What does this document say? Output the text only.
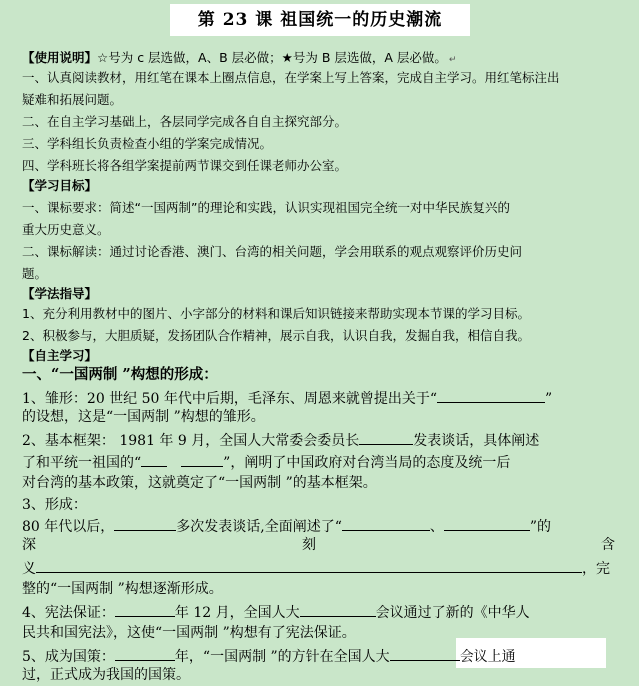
第 23 课 祖国统一的历史潮流
【使用说明】☆号为 c 层选做，A、B 层必做；★号为 B 层选做，A 层必做。 ↵
一、认真阅读教材，用红笔在课本上圈点信息，在学案上写上答案，完成自主学习。用红笔标注出
疑难和拓展问题。
二、在自主学习基础上，各层同学完成各自自主探究部分。
三、学科组长负责检查小组的学案完成情况。
四、学科班长将各组学案提前两节课交到任课老师办公室。
【学习目标】
一、课标要求：简述“一国两制”的理论和实践，认识实现祖国完全统一对中华民族复兴的
重大历史意义。
二、课标解读：通过讨论香港、澳门、台湾的相关问题，学会用联系的观点观察评价历史问
题。
【学法指导】
1、充分利用教材中的图片、小字部分的材料和课后知识链接来帮助实现本节课的学习目标。
2、积极参与，大胆质疑，发扬团队合作精神，展示自我，认识自我，发掘自我，相信自我。
【自主学习】
一、“一国两制 ”构想的形成：
1、雏形：20 世纪 50 年代中后期，毛泽东、周恩来就曾提出关于“	”
的设想，这是“一国两制 ”构想的雏形。
2、基本框架： 1981 年 9 月，全国人大常委会委员长	发表谈话，具体阐述
了和平统一祖国的“	”，阐明了中国政府对台湾当局的态度及统一后
对台湾的基本政策，这就奠定了“一国两制 ”的基本框架。
3、形成：
80 年代以后，	多次发表谈话,全面阐述了“	、	”的
深	刻	含
义	，完
整的“一国两制 ”构想逐渐形成。
4、宪法保证：	年 12 月，全国人大	会议通过了新的《中华人
民共和国宪法》，这使“一国两制 ”构想有了宪法保证。
5、成为国策：	年，“一国两制 ”的方针在全国人大	会议上通
过，正式成为我国的国策。
